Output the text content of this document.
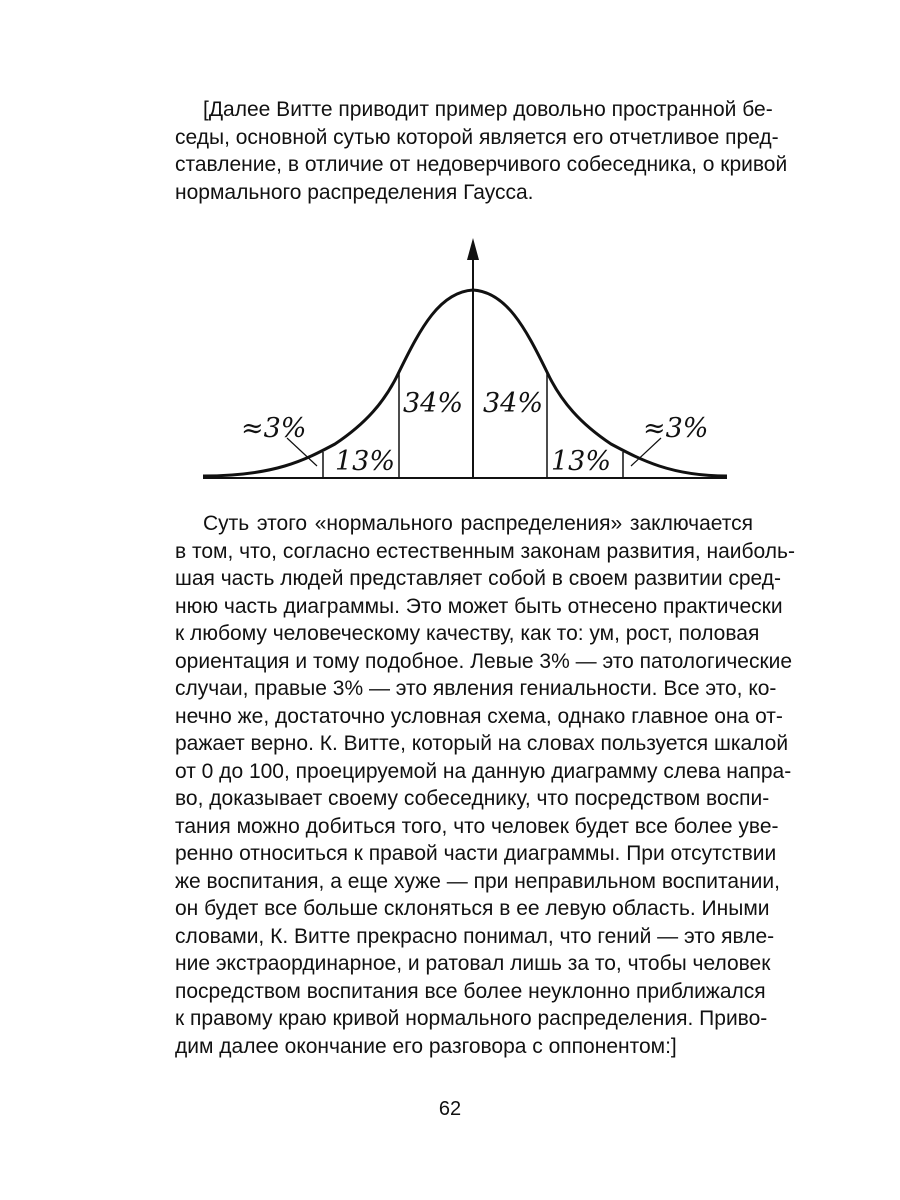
[Далее Витте приводит пример довольно пространной бе-
седы, основной сутью которой является его отчетливое пред-
ставление, в отличие от недоверчивого собеседника, о кривой
нормального распределения Гаусса.
≈3%
13%
34% 34%
13%
≈3%
Суть этого «нормального распределения» заключается
в том, что, согласно естественным законам развития, наиболь-
шая часть людей представляет собой в своем развитии сред-
нюю часть диаграммы. Это может быть отнесено практически
к любому человеческому качеству, как то: ум, рост, половая
ориентация и тому подобное. Левые 3% — это патологические
случаи, правые 3% — это явления гениальности. Все это, ко-
нечно же, достаточно условная схема, однако главное она от-
ражает верно. К. Витте, который на словах пользуется шкалой
от 0 до 100, проецируемой на данную диаграмму слева напра-
во, доказывает своему собеседнику, что посредством воспи-
тания можно добиться того, что человек будет все более уве-
ренно относиться к правой части диаграммы. При отсутствии
же воспитания, а еще хуже — при неправильном воспитании,
он будет все больше склоняться в ее левую область. Иными
словами, К. Витте прекрасно понимал, что гений — это явле-
ние экстраординарное, и ратовал лишь за то, чтобы человек
посредством воспитания все более неуклонно приближался
к правому краю кривой нормального распределения. Приво-
дим далее окончание его разговора с оппонентом:]
62
